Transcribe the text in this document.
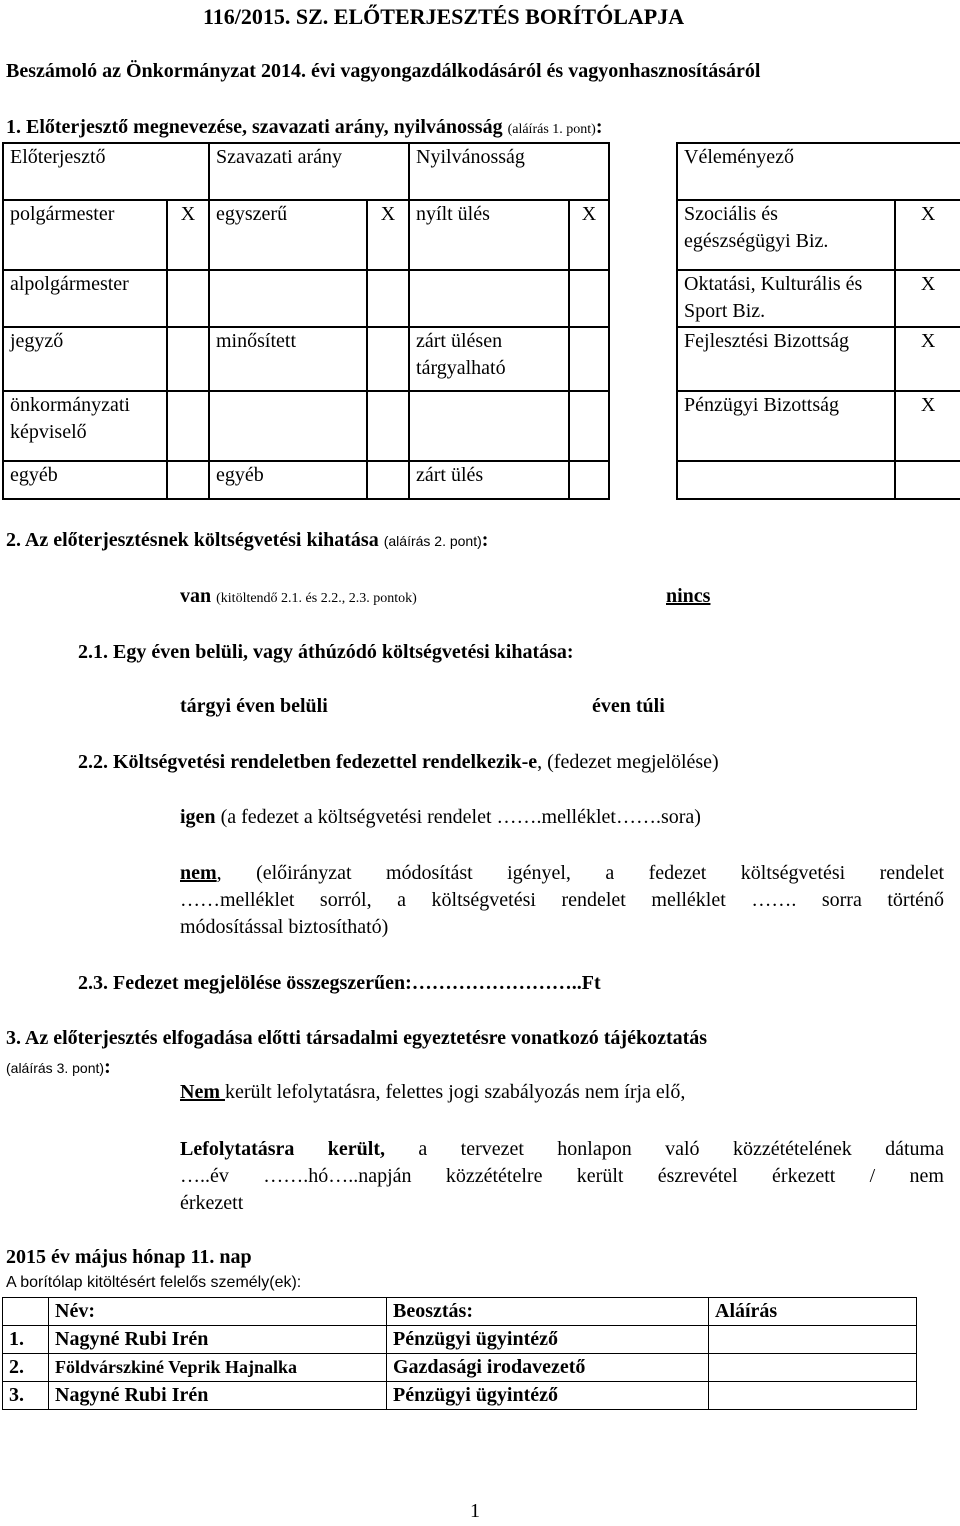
116/2015. SZ. ELŐTERJESZTÉS BORÍTÓLAPJA
Beszámoló az Önkormányzat 2014. évi vagyongazdálkodásáról és vagyonhasznosításáról
1. Előterjesztő megnevezése, szavazati arány, nyilvánosság (aláírás 1. pont):
Előterjesztő		Szavazati arány		Nyilvánosság			Véleményező	
polgármester	X	egyszerű	X	nyílt ülés	X		Szociális és egészségügyi Biz.	X
alpolgármester							Oktatási, Kulturális és Sport Biz.	X
jegyző		minősített		zárt ülésen tárgyalható			Fejlesztési Bizottság	X
önkormányzati képviselő							Pénzügyi Bizottság	X
egyéb		egyéb		zárt ülés				
2. Az előterjesztésnek költségvetési kihatása (aláírás 2. pont):
van (kitöltendő 2.1. és 2.2., 2.3. pontok)	nincs
2.1. Egy éven belüli, vagy áthúzódó költségvetési kihatása:
tárgyi éven belüli	éven túli
2.2. Költségvetési rendeletben fedezettel rendelkezik-e, (fedezet megjelölése)
igen (a fedezet a költségvetési rendelet …….melléklet…….sora)
nem, (előirányzat módosítást igényel, a fedezet költségvetési rendelet
……melléklet sorról, a költségvetési rendelet melléklet ……. sorra történő
módosítással biztosítható)
2.3. Fedezet megjelölése összegszerűen:……………………..Ft
3. Az előterjesztés elfogadása előtti társadalmi egyeztetésre vonatkozó tájékoztatás
(aláírás 3. pont):
Nem került lefolytatásra, felettes jogi szabályozás nem írja elő,
Lefolytatásra került, a tervezet honlapon való közzétételének dátuma
…..év …….hó…..napján közzétételre került észrevétel érkezett / nem
érkezett
2015 év május hónap 11. nap
A borítólap kitöltésért felelős személy(ek):
	Név:	Beosztás:	Aláírás
1.	Nagyné Rubi Irén	Pénzügyi ügyintéző	
2.	Földvárszkiné Veprik Hajnalka	Gazdasági irodavezető	
3.	Nagyné Rubi Irén	Pénzügyi ügyintéző	
1
